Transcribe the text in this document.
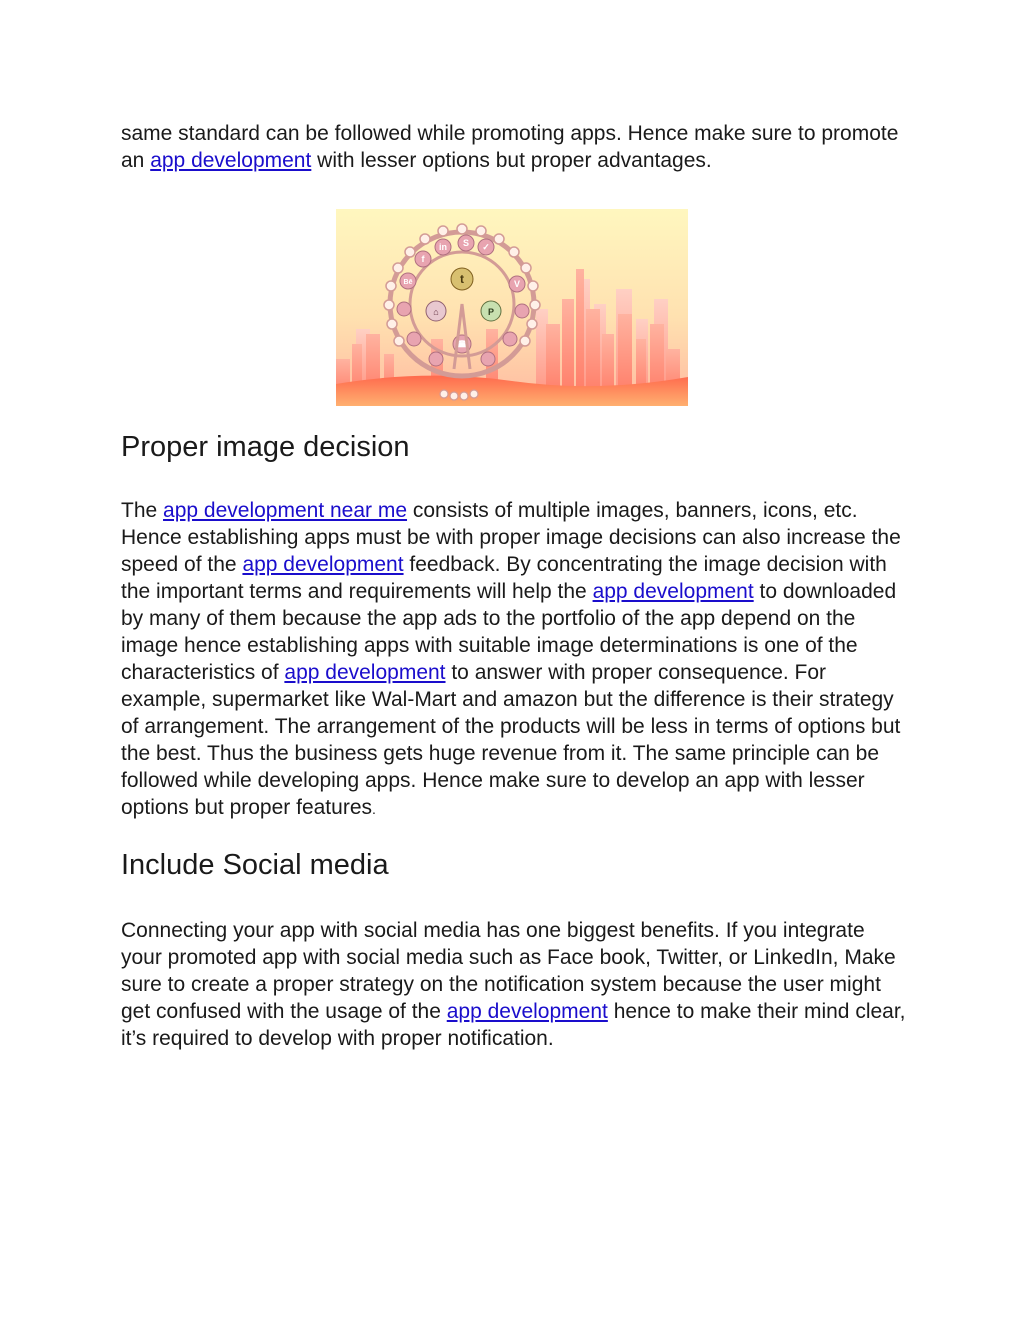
same standard can be followed while promoting apps. Hence make sure to promote an app development with lesser options but proper advantages.

f
in S ✓
t
Bē	V
P
⌂
☎
Proper image decision

The app development near me consists of multiple images, banners, icons, etc. Hence establishing apps must be with proper image decisions can also increase the speed of the app development feedback. By concentrating the image decision with the important terms and requirements will help the app development to downloaded by many of them because the app ads to the portfolio of the app depend on the image hence establishing apps with suitable image determinations is one of the characteristics of app development to answer with proper consequence. For example, supermarket like Wal-Mart and amazon but the difference is their strategy of arrangement. The arrangement of the products will be less in terms of options but the best. Thus the business gets huge revenue from it. The same principle can be followed while developing apps. Hence make sure to develop an app with lesser options but proper features.

Include Social media

Connecting your app with social media has one biggest benefits. If you integrate your promoted app with social media such as Face book, Twitter, or LinkedIn, Make sure to create a proper strategy on the notification system because the user might get confused with the usage of the app development hence to make their mind clear, it’s required to develop with proper notification.
